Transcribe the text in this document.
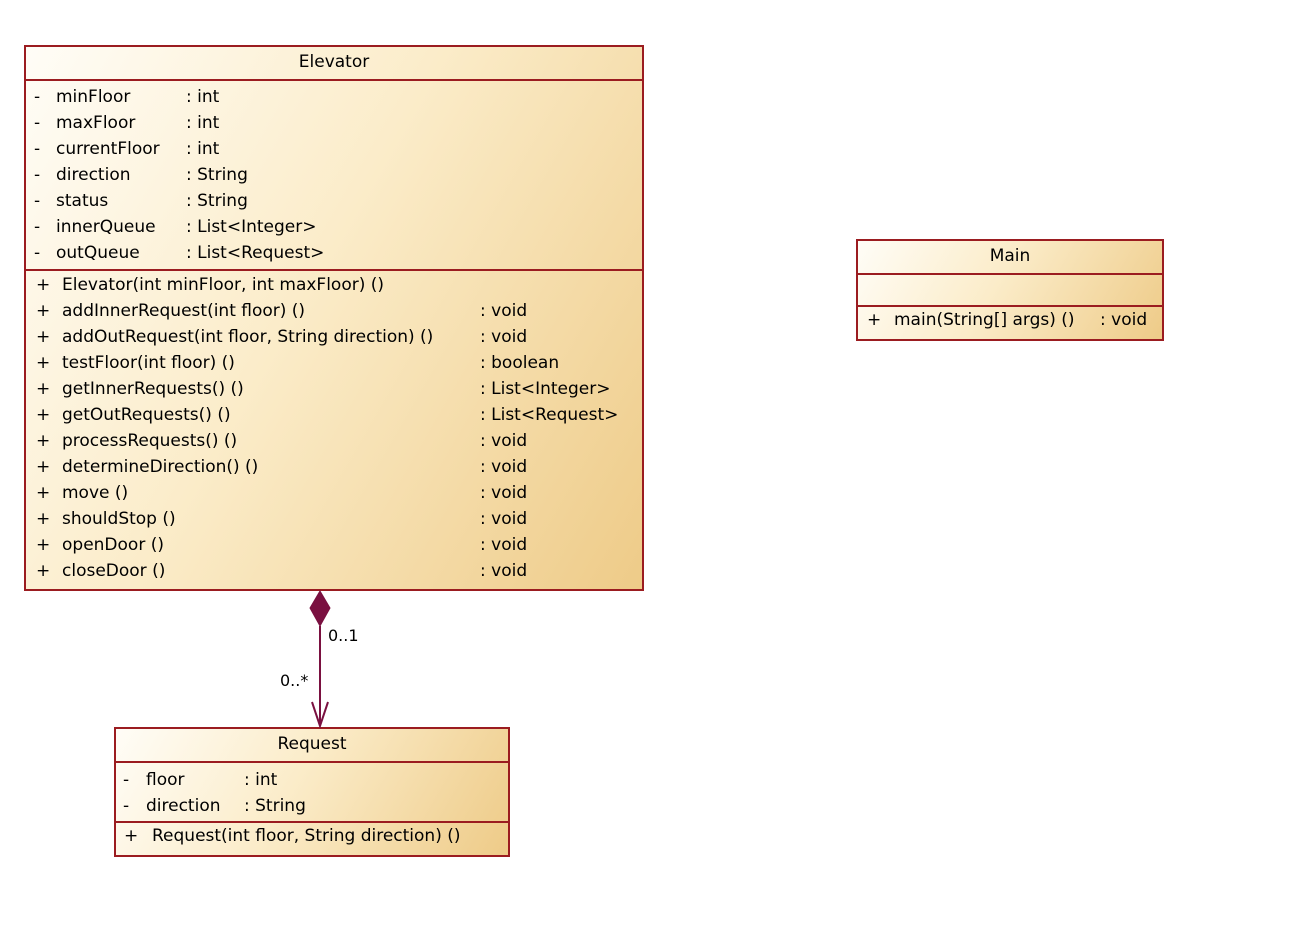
Elevator
- minFloor	: int
- maxFloor	: int
- currentFloor : int
- direction	: String
- status	: String
- innerQueue : List<Integer>
- outQueue	: List<Request>
+ Elevator(int minFloor, int maxFloor) ()
+ addInnerRequest(int floor) ()	: void
+ addOutRequest(int floor, String direction) ()	: void
+ testFloor(int floor) ()	: boolean
+ getInnerRequests() ()	: List<Integer>
+ getOutRequests() ()	: List<Request>
+ processRequests() ()	: void
+ determineDirection() ()	: void
+ move ()	: void
+ shouldStop ()	: void
+ openDoor ()	: void
+ closeDoor ()	: void
Main
+ main(String[] args) () : void
Request
- floor	: int
- direction : String
+ Request(int floor, String direction) ()
0..1
0..*
